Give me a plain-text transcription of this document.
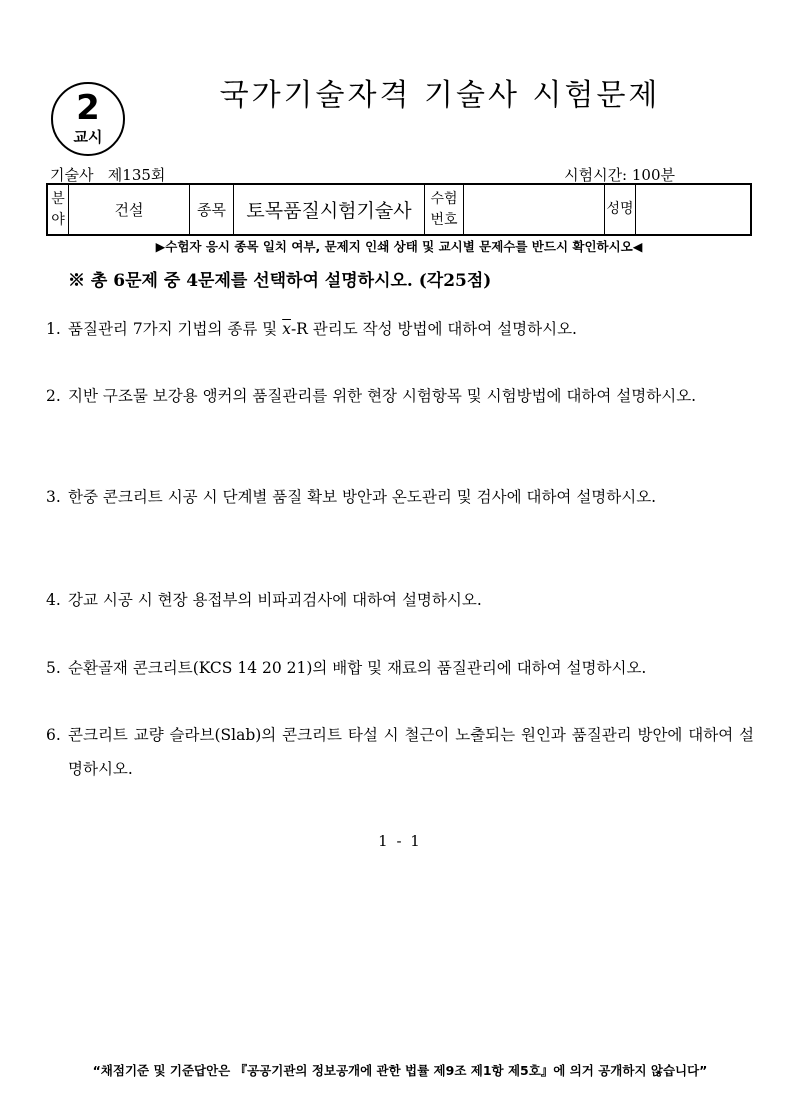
2
교시
국가기술자격 기술사 시험문제
기술사 제135회	시험시간: 100분
분야	건설	종목	토목품질시험기술사	수험번호		성명	
▶수험자 응시 종목 일치 여부, 문제지 인쇄 상태 및 교시별 문제수를 반드시 확인하시오◀
※ 총 6문제 중 4문제를 선택하여 설명하시오. (각25점)
1. 품질관리 7가지 기법의 종류 및 $\overline{x}-R$ 관리도 작성 방법에 대하여 설명하시오.
2. 지반 구조물 보강용 앵커의 품질관리를 위한 현장 시험항목 및 시험방법에 대하여 설명하시오.
3. 한중 콘크리트 시공 시 단계별 품질 확보 방안과 온도관리 및 검사에 대하여 설명하시오.
4. 강교 시공 시 현장 용접부의 비파괴검사에 대하여 설명하시오.
5. 순환골재 콘크리트(KCS 14 20 21)의 배합 및 재료의 품질관리에 대하여 설명하시오.
6. 콘크리트 교량 슬라브(Slab)의 콘크리트 타설 시 철근이 노출되는 원인과 품질관리 방안에 대하여 설명하시오.
1 - 1
“채점기준 및 기준답안은 『공공기관의 정보공개에 관한 법률 제9조 제1항 제5호』에 의거 공개하지 않습니다”
